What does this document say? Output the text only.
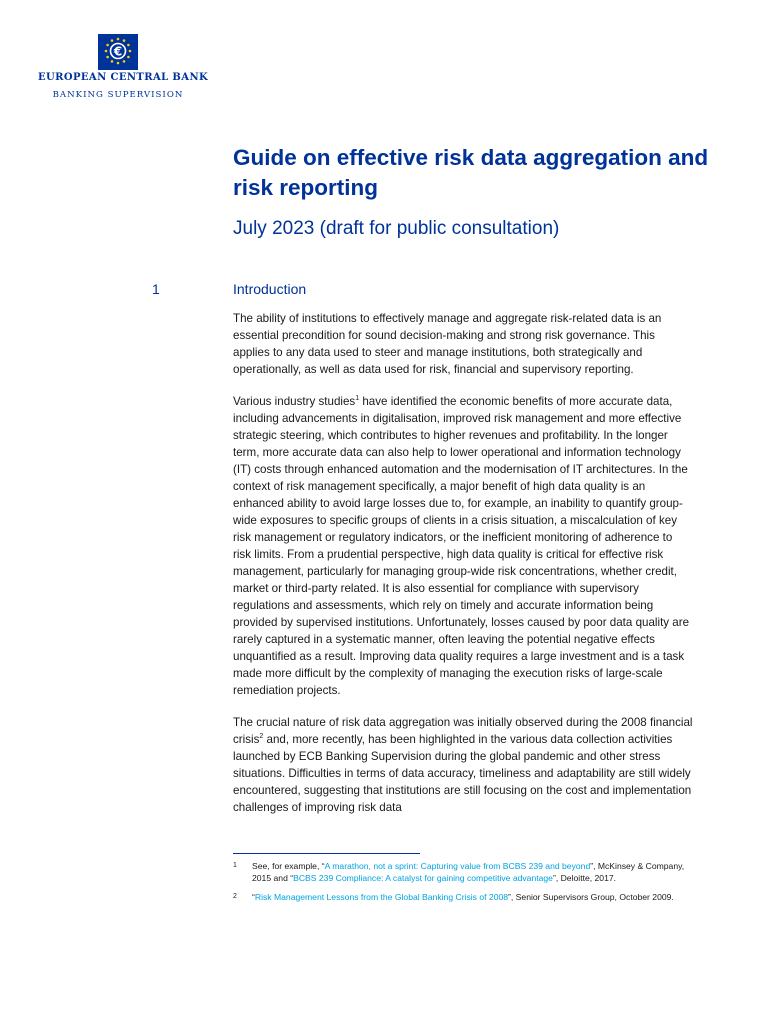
€
EUROPEAN CENTRAL BANK
BANKING SUPERVISION
Guide on effective risk data aggregation and risk reporting
July 2023 (draft for public consultation)
1	Introduction

The ability of institutions to effectively manage and aggregate risk-related data is an essential precondition for sound decision-making and strong risk governance. This applies to any data used to steer and manage institutions, both strategically and operationally, as well as data used for risk, financial and supervisory reporting.

Various industry studies$^1$ have identified the economic benefits of more accurate data, including advancements in digitalisation, improved risk management and more effective strategic steering, which contributes to higher revenues and profitability. In the longer term, more accurate data can also help to lower operational and information technology (IT) costs through enhanced automation and the modernisation of IT architectures. In the context of risk management specifically, a major benefit of high data quality is an enhanced ability to avoid large losses due to, for example, an inability to quantify group-wide exposures to specific groups of clients in a crisis situation, a miscalculation of key risk management or regulatory indicators, or the inefficient monitoring of adherence to risk limits. From a prudential perspective, high data quality is critical for effective risk management, particularly for managing group-wide risk concentrations, whether credit, market or third-party related. It is also essential for compliance with supervisory regulations and assessments, which rely on timely and accurate information being provided by supervised institutions. Unfortunately, losses caused by poor data quality are rarely captured in a systematic manner, often leaving the potential negative effects unquantified as a result. Improving data quality requires a large investment and is a task made more difficult by the complexity of managing the execution risks of large-scale remediation projects.

The crucial nature of risk data aggregation was initially observed during the 2008 financial crisis$^2$ and, more recently, has been highlighted in the various data collection activities launched by ECB Banking Supervision during the global pandemic and other stress situations. Difficulties in terms of data accuracy, timeliness and adaptability are still widely encountered, suggesting that institutions are still focusing on the cost and implementation challenges of improving risk data

1 See, for example, “A marathon, not a sprint: Capturing value from BCBS 239 and beyond”, McKinsey & Company, 2015 and “BCBS 239 Compliance: A catalyst for gaining competitive advantage”, Deloitte, 2017.
2 “Risk Management Lessons from the Global Banking Crisis of 2008”, Senior Supervisors Group, October 2009.
